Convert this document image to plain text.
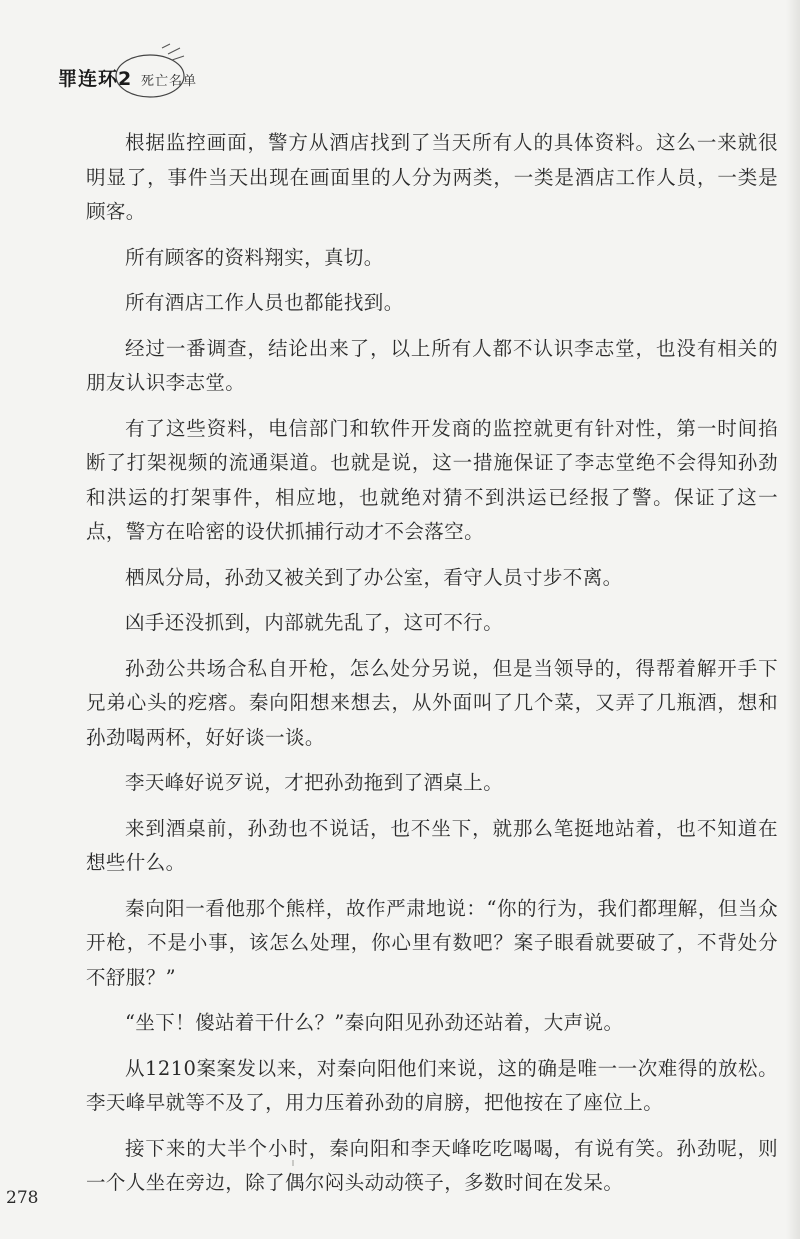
罪连环2 死亡名单

根据监控画面，警方从酒店找到了当天所有人的具体资料。这么一来就很明显了，事件当天出现在画面里的人分为两类，一类是酒店工作人员，一类是顾客。

所有顾客的资料翔实，真切。

所有酒店工作人员也都能找到。

经过一番调查，结论出来了，以上所有人都不认识李志堂，也没有相关的朋友认识李志堂。

有了这些资料，电信部门和软件开发商的监控就更有针对性，第一时间掐断了打架视频的流通渠道。也就是说，这一措施保证了李志堂绝不会得知孙劲和洪运的打架事件，相应地，也就绝对猜不到洪运已经报了警。保证了这一点，警方在哈密的设伏抓捕行动才不会落空。

栖凤分局，孙劲又被关到了办公室，看守人员寸步不离。

凶手还没抓到，内部就先乱了，这可不行。

孙劲公共场合私自开枪，怎么处分另说，但是当领导的，得帮着解开手下兄弟心头的疙瘩。秦向阳想来想去，从外面叫了几个菜，又弄了几瓶酒，想和孙劲喝两杯，好好谈一谈。

李天峰好说歹说，才把孙劲拖到了酒桌上。

来到酒桌前，孙劲也不说话，也不坐下，就那么笔挺地站着，也不知道在想些什么。

秦向阳一看他那个熊样，故作严肃地说：“你的行为，我们都理解，但当众开枪，不是小事，该怎么处理，你心里有数吧？案子眼看就要破了，不背处分不舒服？”

“坐下！傻站着干什么？”秦向阳见孙劲还站着，大声说。

从1210案案发以来，对秦向阳他们来说，这的确是唯一一次难得的放松。李天峰早就等不及了，用力压着孙劲的肩膀，把他按在了座位上。

接下来的大半个小时，秦向阳和李天峰吃吃喝喝，有说有笑。孙劲呢，则一个人坐在旁边，除了偶尔闷头动动筷子，多数时间在发呆。

278
